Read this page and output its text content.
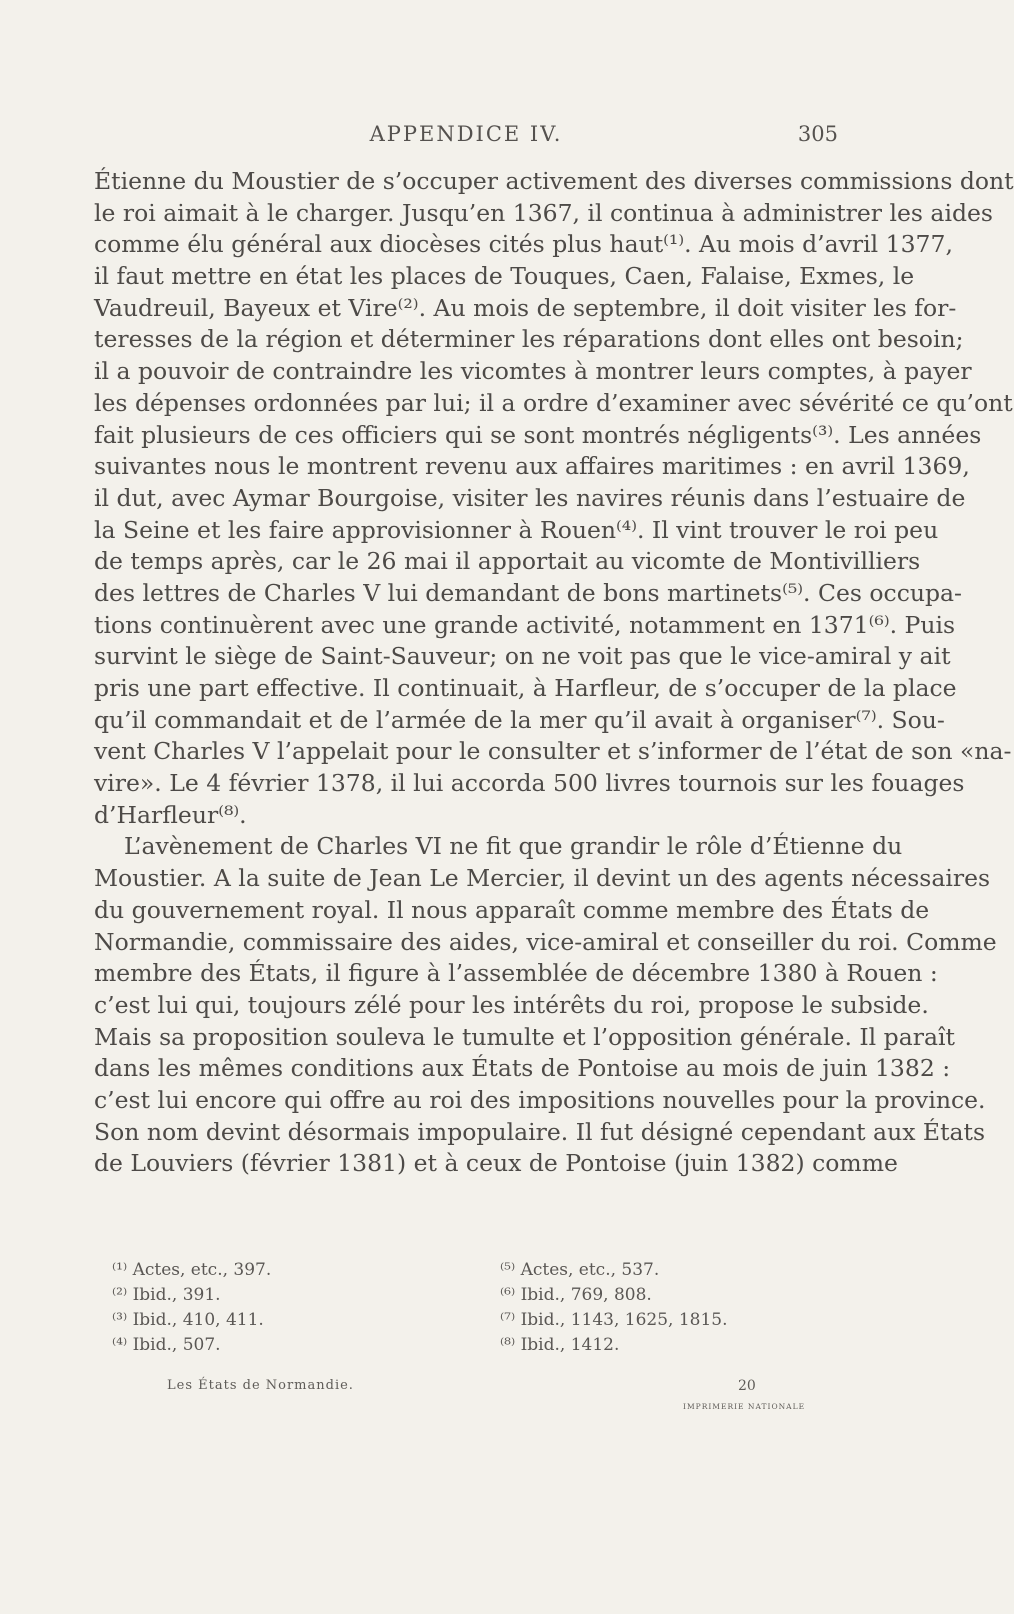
APPENDICE IV.	305
Étienne du Moustier de s’occuper activement des diverses commissions dont
le roi aimait à le charger. Jusqu’en 1367, il continua à administrer les aides
comme élu général aux diocèses cités plus haut⁽¹⁾. Au mois d’avril 1377,
il faut mettre en état les places de Touques, Caen, Falaise, Exmes, le
Vaudreuil, Bayeux et Vire⁽²⁾. Au mois de septembre, il doit visiter les for-
teresses de la région et déterminer les réparations dont elles ont besoin;
il a pouvoir de contraindre les vicomtes à montrer leurs comptes, à payer
les dépenses ordonnées par lui; il a ordre d’examiner avec sévérité ce qu’ont
fait plusieurs de ces officiers qui se sont montrés négligents⁽³⁾. Les années
suivantes nous le montrent revenu aux affaires maritimes : en avril 1369,
il dut, avec Aymar Bourgoise, visiter les navires réunis dans l’estuaire de
la Seine et les faire approvisionner à Rouen⁽⁴⁾. Il vint trouver le roi peu
de temps après, car le 26 mai il apportait au vicomte de Montivilliers
des lettres de Charles V lui demandant de bons martinets⁽⁵⁾. Ces occupa-
tions continuèrent avec une grande activité, notamment en 1371⁽⁶⁾. Puis
survint le siège de Saint-Sauveur; on ne voit pas que le vice-amiral y ait
pris une part effective. Il continuait, à Harfleur, de s’occuper de la place
qu’il commandait et de l’armée de la mer qu’il avait à organiser⁽⁷⁾. Sou-
vent Charles V l’appelait pour le consulter et s’informer de l’état de son «na-
vire». Le 4 février 1378, il lui accorda 500 livres tournois sur les fouages
d’Harfleur⁽⁸⁾.
L’avènement de Charles VI ne fit que grandir le rôle d’Étienne du
Moustier. A la suite de Jean Le Mercier, il devint un des agents nécessaires
du gouvernement royal. Il nous apparaît comme membre des États de
Normandie, commissaire des aides, vice-amiral et conseiller du roi. Comme
membre des États, il figure à l’assemblée de décembre 1380 à Rouen :
c’est lui qui, toujours zélé pour les intérêts du roi, propose le subside.
Mais sa proposition souleva le tumulte et l’opposition générale. Il paraît
dans les mêmes conditions aux États de Pontoise au mois de juin 1382 :
c’est lui encore qui offre au roi des impositions nouvelles pour la province.
Son nom devint désormais impopulaire. Il fut désigné cependant aux États
de Louviers (février 1381) et à ceux de Pontoise (juin 1382) comme
⁽¹⁾ Actes, etc., 397.
⁽²⁾ Ibid., 391.
⁽³⁾ Ibid., 410, 411.
⁽⁴⁾ Ibid., 507.
⁽⁵⁾ Actes, etc., 537.
⁽⁶⁾ Ibid., 769, 808.
⁽⁷⁾ Ibid., 1143, 1625, 1815.
⁽⁸⁾ Ibid., 1412.
Les États de Normandie.	20
IMPRIMERIE NATIONALE
